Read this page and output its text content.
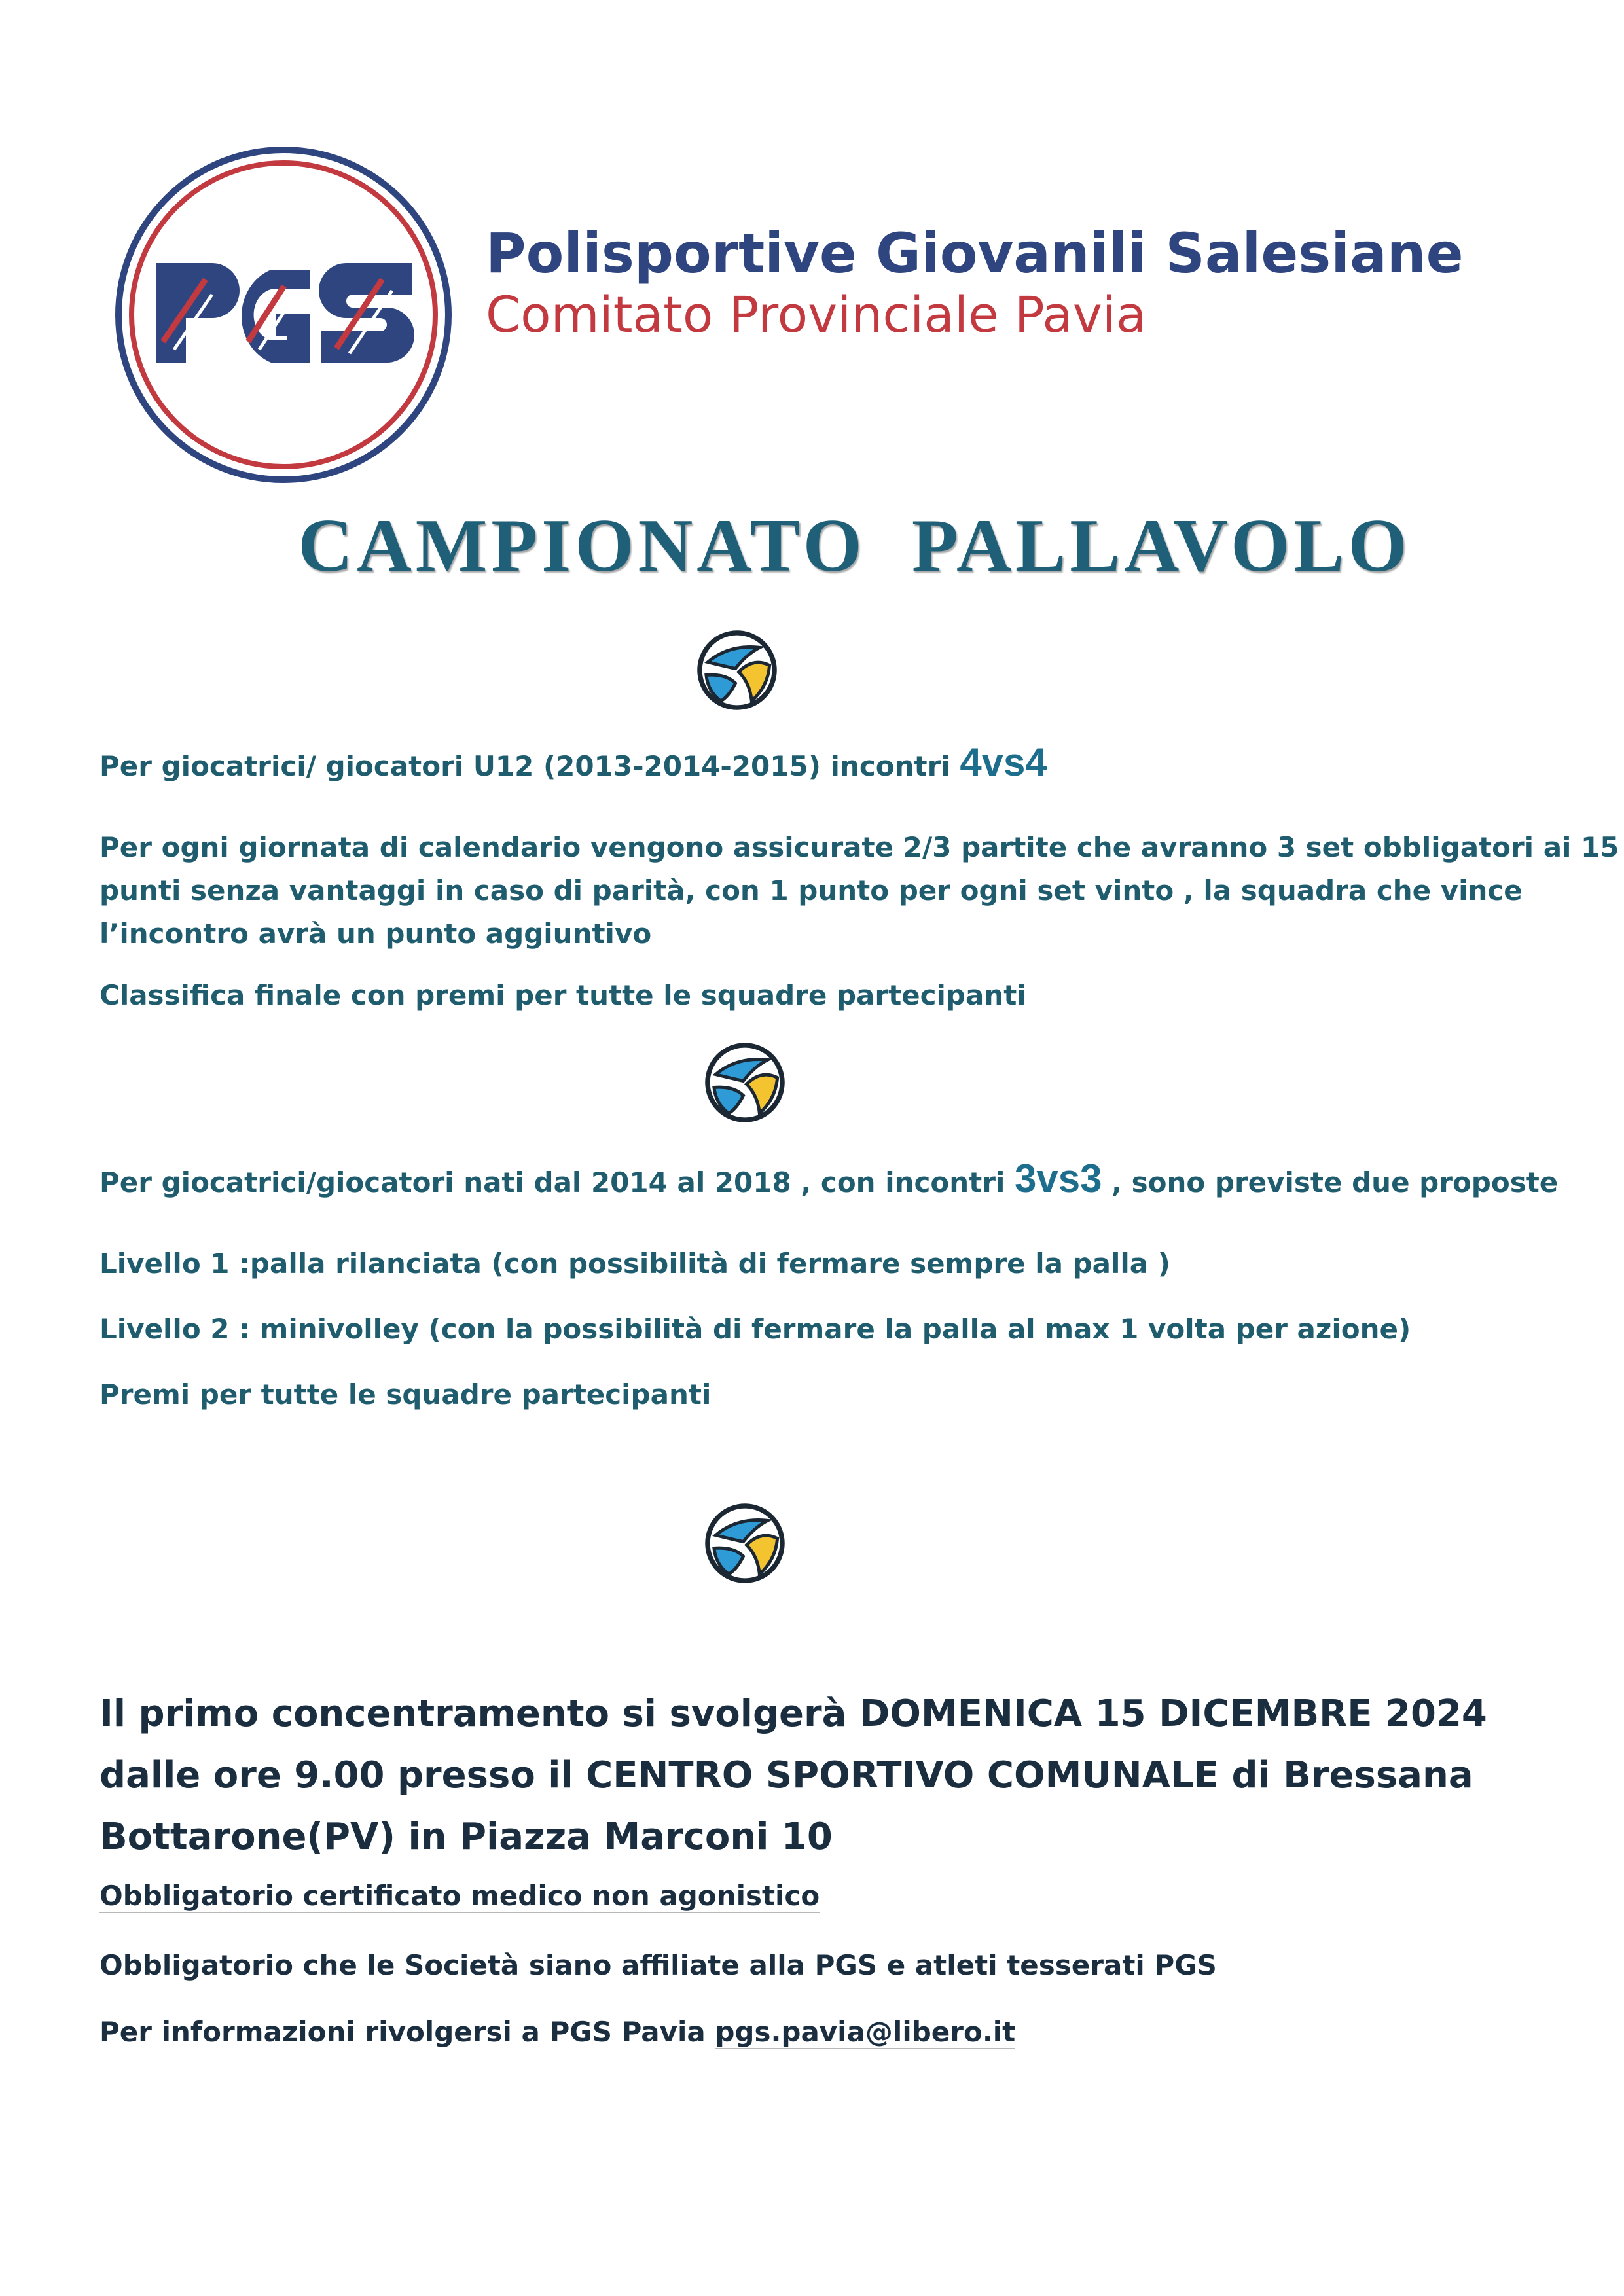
Polisportive Giovanili Salesiane
Comitato Provinciale Pavia
CAMPIONATO  PALLAVOLO
Per giocatrici/ giocatori U12 (2013-2014-2015) incontri 4vs4
Per ogni giornata di calendario vengono assicurate 2/3 partite che avranno 3 set obbligatori ai 15
punti senza vantaggi in caso di parità, con 1 punto per ogni set vinto , la squadra che vince
l’incontro avrà un punto aggiuntivo
Classifica finale con premi per tutte le squadre partecipanti
Per giocatrici/giocatori nati dal 2014 al 2018 , con incontri 3vs3 , sono previste due proposte
Livello 1 :palla rilanciata (con possibilità di fermare sempre la palla )
Livello 2 : minivolley (con la possibilità di fermare la palla al max 1 volta per azione)
Premi per tutte le squadre partecipanti
Il primo concentramento si svolgerà DOMENICA 15 DICEMBRE 2024
dalle ore 9.00 presso il CENTRO SPORTIVO COMUNALE di Bressana
Bottarone(PV) in Piazza Marconi 10
Obbligatorio certificato medico non agonistico
Obbligatorio che le Società siano affiliate alla PGS e atleti tesserati PGS
Per informazioni rivolgersi a PGS Pavia pgs.pavia@libero.it
